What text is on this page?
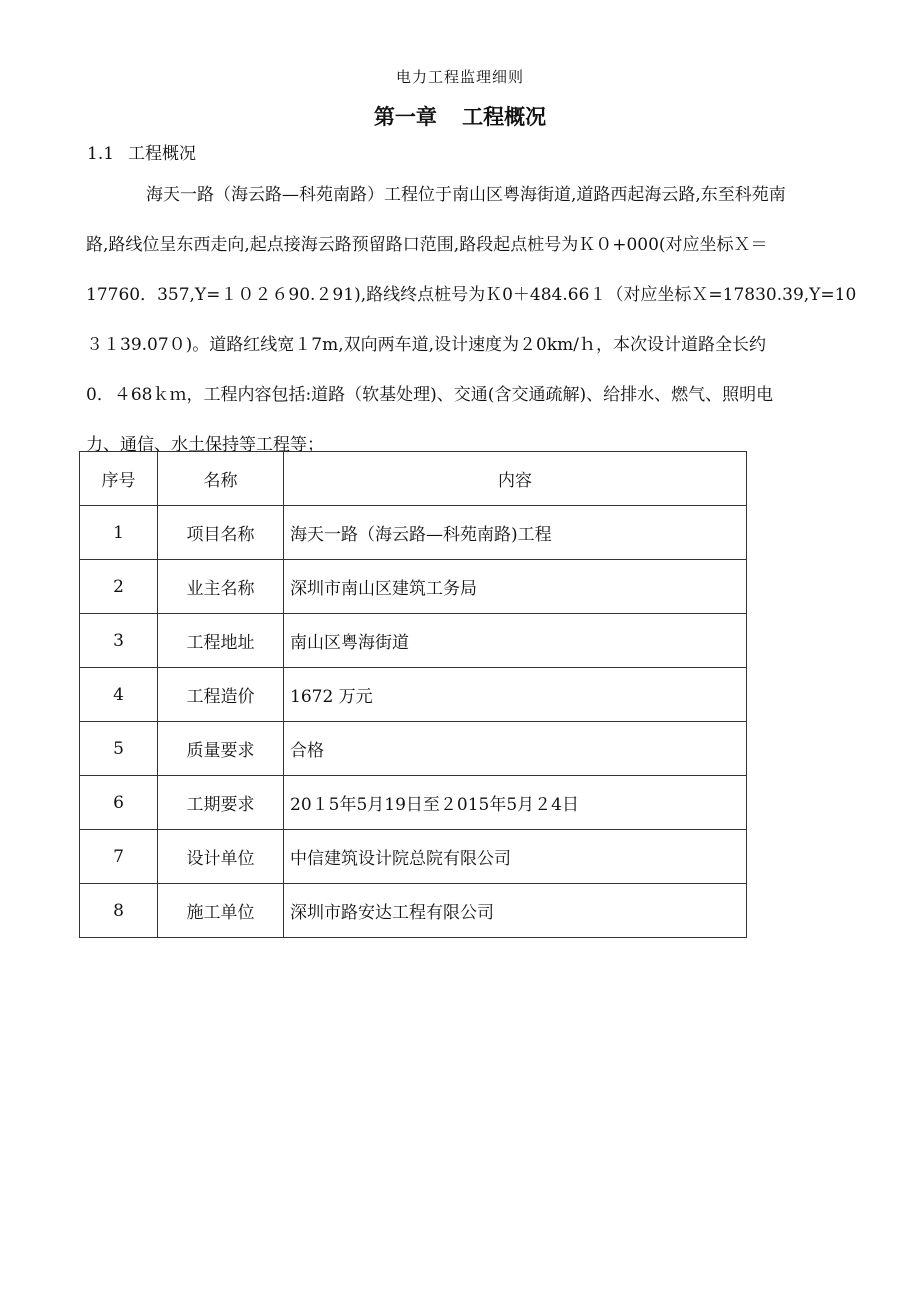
电力工程监理细则
第一章 工程概况
1.1 工程概况
海天一路（海云路—科苑南路）工程位于南山区粤海街道,道路西起海云路,东至科苑南
路,路线位呈东西走向,起点接海云路预留路口范围,路段起点桩号为Ｋ０+000(对应坐标Ｘ＝
17760．357,Y=１０２６90.２91),路线终点桩号为Ｋ0＋484.66１（对应坐标Ｘ=17830.39,Y=10
３１39.07０)。道路红线宽１7m,双向两车道,设计速度为２0km/ｈ，本次设计道路全长约
0．４68ｋｍ，工程内容包括:道路（软基处理)、交通(含交通疏解)、给排水、燃气、照明电
力、通信、水土保持等工程等；
序号	名称	内容
1	项目名称	海天一路（海云路—科苑南路)工程
2	业主名称	深圳市南山区建筑工务局
3	工程地址	南山区粤海街道
4	工程造价	1672 万元
5	质量要求	合格
6	工期要求	20１5年5月19日至２015年5月２4日
7	设计单位	中信建筑设计院总院有限公司
8	施工单位	深圳市路安达工程有限公司
